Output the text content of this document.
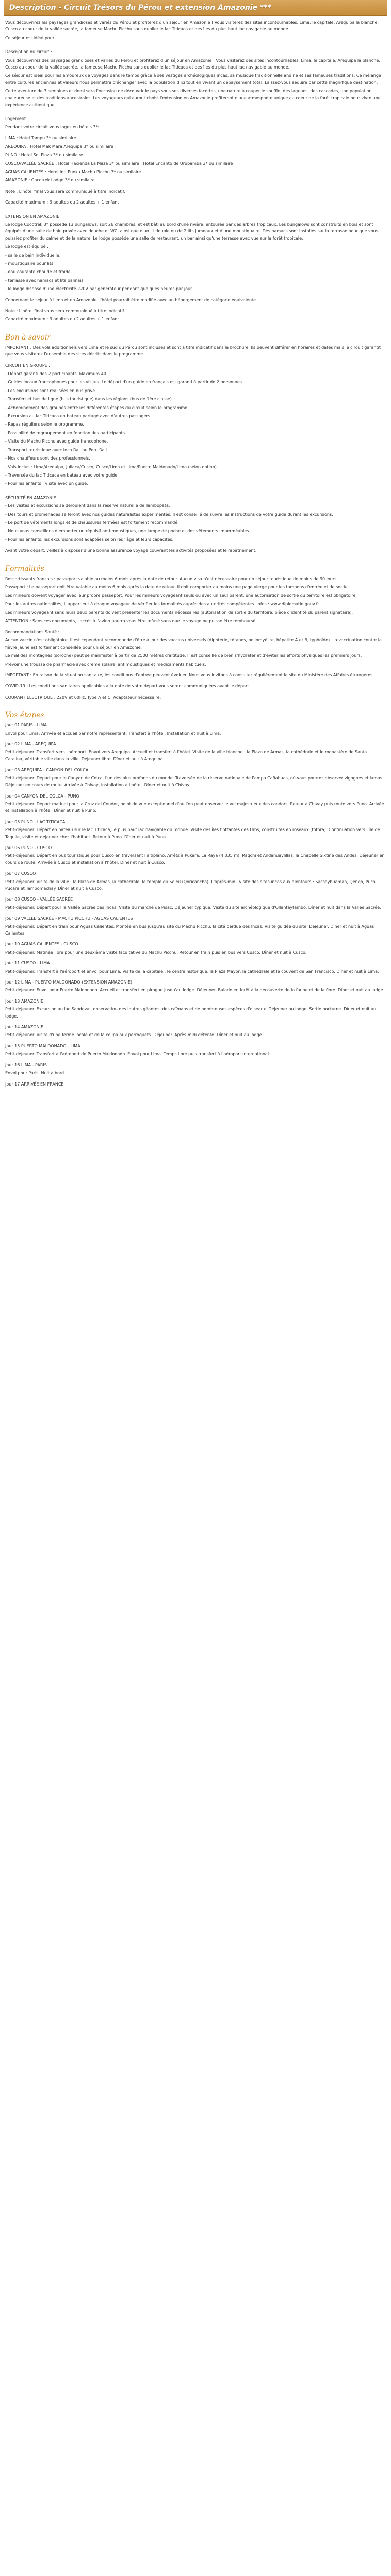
Description - Circuit Trésors du Pérou et extension Amazonie ***

Vous découvrirez les paysages grandioses et variés du Pérou et profiterez d'un séjour en Amazonie ! Vous visiterez des sites incontournables, Lima, le capitale, Arequipa la blanche, Cusco au coeur de la vallée sacrée, la fameuse Machu Picchu sans oublier le lac Titicaca et des îles du plus haut lac navigable au monde.

Ce séjour est idéal pour ...

Description du circuit :

Vous découvrirez des paysages grandioses et variés du Pérou et profiterez d'un séjour en Amazonie ! Vous visiterez des sites incontournables, Lima, le capitale, Arequipa la blanche, Cusco au coeur de la vallée sacrée, la fameuse Machu Picchu sans oublier le lac Titicaca et des îles du plus haut lac navigable au monde.

Ce séjour est idéal pour les amoureux de voyages dans le temps grâce à ses vestiges archéologiques incas, sa musique traditionnelle andine et ses fameuses traditions. Ce mélange entre cultures anciennes et valeurs nous permettra d'échanger avec la population d'ici tout en vivant un dépaysement total. Laissez-vous séduire par cette magnifique destination.

Cette aventure de 3 semaines et demi sera l'occasion de découvrir le pays sous ses diverses facettes, une nature à couper le souffle, des lagunes, des cascades, une population chaleureuse et des traditions ancestrales. Les voyageurs qui auront choisi l'extension en Amazonie profiteront d'une atmosphère unique au coeur de la forêt tropicale pour vivre une expérience authentique.

Logement

Pendant votre circuit vous logez en hôtels 3*:

LIMA : Hotel Tampu 3* ou similaire

AREQUIPA : Hotel Mak Mara Arequipa 3* ou similaire

PUNO : Hotel Sol Plaza 3* ou similaire

CUSCO/VALLÉE SACRÉE : Hotel Hacienda La Maza 3* ou similaire ; Hotel Encanto de Urubamba 3* ou similaire

AGUAS CALIENTES : Hotel Inti Punku Machu Picchu 3* ou similaire

AMAZONIE : Cocotrek Lodge 3* ou similaire

Note : L'hôtel final vous sera communiqué à titre indicatif.

Capacité maximum : 3 adultes ou 2 adultes + 1 enfant

EXTENSION EN AMAZONIE

Le lodge Cocotrek 3* possède 13 bungalows, soit 26 chambres, et est bâti au bord d'une rivière, entourée par des arbres tropicaux. Les bungalows sont construits en bois et sont équipés d'une salle de bain privée avec douche et WC, ainsi que d'un lit double ou de 2 lits jumeaux et d'une moustiquaire. Des hamacs sont installés sur la terrasse pour que vous puissiez profiter du calme et de la nature. Le lodge possède une salle de restaurant, un bar ainsi qu'une terrasse avec vue sur la forêt tropicale.

Le lodge est équipé :

- salle de bain individuelle,

- moustiquaire pour lits

- eau courante chaude et froide

- terrasse avec hamacs et lits balinais

- le lodge dispose d'une électricité 220V par générateur pendant quelques heures par jour.

Concernant le séjour à Lima et en Amazonie, l'hôtel pourrait être modifié avec un hébergement de catégorie équivalente.

Note : L'hôtel final vous sera communiqué à titre indicatif.

Capacité maximum : 3 adultes ou 2 adultes + 1 enfant

Bon à savoir

IMPORTANT : Des vols additionnels vers Lima et le sud du Pérou sont incluses et sont à titre indicatif dans la brochure. Ils peuvent différer en horaires et dates mais le circuit garantit que vous visiterez l'ensemble des sites décrits dans le programme.

CIRCUIT EN GROUPE :

- Départ garanti dès 2 participants. Maximum 40.

- Guides locaux francophones pour les visites. Le départ d'un guide en français est garanti à partir de 2 personnes.

- Les excursions sont réalisées en bus privé.

- Transfert et bus de ligne (bus touristique) dans les régions (bus de 1ère classe).

- Acheminement des groupes entre les différentes étapes du circuit selon le programme.

- Excursion au lac Titicaca en bateau partagé avec d'autres passagers.

- Repas réguliers selon le programme.

- Possibilité de regroupement en fonction des participants.

- Visite du Machu Picchu avec guide francophone.

- Transport touristique avec Inca Rail ou Peru Rail.

- Nos chauffeurs sont des professionnels.

- Vols inclus : Lima/Arequipa, Juliaca/Cusco, Cusco/Lima et Lima/Puerto Maldonado/Lima (selon option).

- Traversée du lac Titicaca en bateau avec votre guide.

- Pour les enfants : visite avec un guide.

SÉCURITÉ EN AMAZONIE

- Les visites et excursions se déroulent dans la réserve naturelle de Tambopata.

- Des tours et promenades se feront avec nos guides naturalistes expérimentés. Il est conseillé de suivre les instructions de votre guide durant les excursions.

- Le port de vêtements longs et de chaussures fermées est fortement recommandé.

- Nous vous conseillons d'emporter un répulsif anti-moustiques, une lampe de poche et des vêtements imperméables.

- Pour les enfants, les excursions sont adaptées selon leur âge et leurs capacités.

Avant votre départ, veillez à disposer d'une bonne assurance voyage couvrant les activités proposées et le rapatriement.

Formalités

Ressortissants français : passeport valable au moins 6 mois après la date de retour. Aucun visa n'est nécessaire pour un séjour touristique de moins de 90 jours.

Passeport : Le passeport doit être valable au moins 6 mois après la date de retour. Il doit comporter au moins une page vierge pour les tampons d'entrée et de sortie.

Les mineurs doivent voyager avec leur propre passeport. Pour les mineurs voyageant seuls ou avec un seul parent, une autorisation de sortie du territoire est obligatoire.

Pour les autres nationalités, il appartient à chaque voyageur de vérifier les formalités auprès des autorités compétentes. Infos : www.diplomatie.gouv.fr

Les mineurs voyageant sans leurs deux parents doivent présenter les documents nécessaires (autorisation de sortie du territoire, pièce d'identité du parent signataire).

ATTENTION : Sans ces documents, l'accès à l'avion pourra vous être refusé sans que le voyage ne puisse être remboursé.

Recommandations Santé :

Aucun vaccin n'est obligatoire. Il est cependant recommandé d'être à jour des vaccins universels (diphtérie, tétanos, poliomyélite, hépatite A et B, typhoïde). La vaccination contre la fièvre jaune est fortement conseillée pour un séjour en Amazonie.

Le mal des montagnes (soroche) peut se manifester à partir de 2500 mètres d'altitude. Il est conseillé de bien s'hydrater et d'éviter les efforts physiques les premiers jours.

Prévoir une trousse de pharmacie avec crème solaire, antimoustiques et médicaments habituels.

IMPORTANT : En raison de la situation sanitaire, les conditions d'entrée peuvent évoluer. Nous vous invitons à consulter régulièrement le site du Ministère des Affaires étrangères.

COVID-19 : Les conditions sanitaires applicables à la date de votre départ vous seront communiquées avant le départ.

COURANT ÉLECTRIQUE : 220V et 60Hz. Type A et C. Adaptateur nécessaire.

Vos étapes

Jour 01 PARIS - LIMA

Envol pour Lima. Arrivée et accueil par notre représentant. Transfert à l'hôtel. Installation et nuit à Lima.

Jour 02 LIMA - AREQUIPA

Petit-déjeuner. Transfert vers l'aéroport. Envol vers Arequipa. Accueil et transfert à l'hôtel. Visite de la ville blanche : la Plaza de Armas, la cathédrale et le monastère de Santa Catalina, véritable ville dans la ville. Déjeuner libre. Dîner et nuit à Arequipa.

Jour 03 AREQUIPA - CANYON DEL COLCA

Petit-déjeuner. Départ pour le Canyon de Colca, l'un des plus profonds du monde. Traversée de la réserve nationale de Pampa Cañahuas, où vous pourrez observer vigognes et lamas. Déjeuner en cours de route. Arrivée à Chivay, installation à l'hôtel. Dîner et nuit à Chivay.

Jour 04 CANYON DEL COLCA - PUNO

Petit-déjeuner. Départ matinal pour la Cruz del Condor, point de vue exceptionnel d'où l'on peut observer le vol majestueux des condors. Retour à Chivay puis route vers Puno. Arrivée et installation à l'hôtel. Dîner et nuit à Puno.

Jour 05 PUNO - LAC TITICACA

Petit-déjeuner. Départ en bateau sur le lac Titicaca, le plus haut lac navigable du monde. Visite des îles flottantes des Uros, construites en roseaux (totora). Continuation vers l'île de Taquile, visite et déjeuner chez l'habitant. Retour à Puno. Dîner et nuit à Puno.

Jour 06 PUNO - CUSCO

Petit-déjeuner. Départ en bus touristique pour Cusco en traversant l'altiplano. Arrêts à Pukara, La Raya (4 335 m), Raqchi et Andahuaylillas, la Chapelle Sixtine des Andes. Déjeuner en cours de route. Arrivée à Cusco et installation à l'hôtel. Dîner et nuit à Cusco.

Jour 07 CUSCO

Petit-déjeuner. Visite de la ville : la Plaza de Armas, la cathédrale, le temple du Soleil (Qoricancha). L'après-midi, visite des sites incas aux alentours : Sacsayhuaman, Qenqo, Puca Pucara et Tambomachay. Dîner et nuit à Cusco.

Jour 08 CUSCO - VALLÉE SACRÉE

Petit-déjeuner. Départ pour la Vallée Sacrée des Incas. Visite du marché de Pisac. Déjeuner typique. Visite du site archéologique d'Ollantaytambo. Dîner et nuit dans la Vallée Sacrée.

Jour 09 VALLÉE SACRÉE - MACHU PICCHU - AGUAS CALIENTES

Petit-déjeuner. Départ en train pour Aguas Calientes. Montée en bus jusqu'au site du Machu Picchu, la cité perdue des Incas. Visite guidée du site. Déjeuner. Dîner et nuit à Aguas Calientes.

Jour 10 AGUAS CALIENTES - CUSCO

Petit-déjeuner. Matinée libre pour une deuxième visite facultative du Machu Picchu. Retour en train puis en bus vers Cusco. Dîner et nuit à Cusco.

Jour 11 CUSCO - LIMA

Petit-déjeuner. Transfert à l'aéroport et envol pour Lima. Visite de la capitale : le centre historique, la Plaza Mayor, la cathédrale et le couvent de San Francisco. Dîner et nuit à Lima.

Jour 12 LIMA - PUERTO MALDONADO (EXTENSION AMAZONIE)

Petit-déjeuner. Envol pour Puerto Maldonado. Accueil et transfert en pirogue jusqu'au lodge. Déjeuner. Balade en forêt à la découverte de la faune et de la flore. Dîner et nuit au lodge.

Jour 13 AMAZONIE

Petit-déjeuner. Excursion au lac Sandoval, observation des loutres géantes, des caïmans et de nombreuses espèces d'oiseaux. Déjeuner au lodge. Sortie nocturne. Dîner et nuit au lodge.

Jour 14 AMAZONIE

Petit-déjeuner. Visite d'une ferme locale et de la collpa aux perroquets. Déjeuner. Après-midi détente. Dîner et nuit au lodge.

Jour 15 PUERTO MALDONADO - LIMA

Petit-déjeuner. Transfert à l'aéroport de Puerto Maldonado. Envol pour Lima. Temps libre puis transfert à l'aéroport international.

Jour 16 LIMA - PARIS

Envol pour Paris. Nuit à bord.

Jour 17 ARRIVÉE EN FRANCE
